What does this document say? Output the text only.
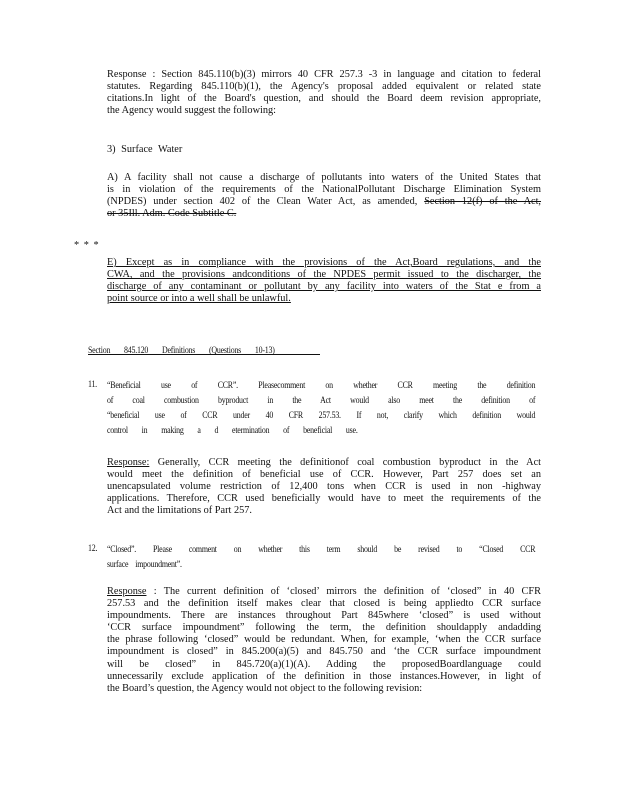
Response : Section 845.110(b)(3) mirrors 40 CFR 257.3 -3 in language and citation to federal
statutes. Regarding 845.110(b)(1), the Agency's proposal added equivalent or related state
citations.In light of the Board's question, and should the Board deem revision appropriate,
the Agency would suggest the following:
3) Surface Water
A) A facility shall not cause a discharge of pollutants into waters of the United States that
is in violation of the requirements of the NationalPollutant Discharge Elimination System
(NPDES) under section 402 of the Clean Water Act, as amended, Section 12(f) of the Act,
or 35Ill. Adm. Code Subtitle C.
* * *
E) Except as in compliance with the provisions of the Act,Board regulations, and the
CWA, and the provisions andconditions of the NPDES permit issued to the discharger, the
discharge of any contaminant or pollutant by any facility into waters of the Stat e from a
point source or into a well shall be unlawful.
Section 845.120 Definitions (Questions 10-13)
11. “Beneficial use of CCR”. Pleasecomment on whether CCR meeting the definition
of coal combustion byproduct in the Act would also meet the definition of
“beneficial use of CCR under 40 CFR 257.53. If not, clarify which definition would
control in making a d etermination of beneficial use.
Response: Generally, CCR meeting the definitionof coal combustion byproduct in the Act
would meet the definition of beneficial use of CCR. However, Part 257 does set an
unencapsulated volume restriction of 12,400 tons when CCR is used in non -highway
applications. Therefore, CCR used beneficially would have to meet the requirements of the
Act and the limitations of Part 257.
12. “Closed”. Please comment on whether this term should be revised to “Closed CCR
surface impoundment”.
Response : The current definition of ‘closed’ mirrors the definition of ‘closed” in 40 CFR
257.53 and the definition itself makes clear that closed is being appliedto CCR surface
impoundments. There are instances throughout Part 845where ‘closed” is used without
‘CCR surface impoundment” following the term, the definition shouldapply andadding
the phrase following ‘closed” would be redundant. When, for example, ‘when the CCR surface
impoundment is closed” in 845.200(a)(5) and 845.750 and ‘the CCR surface impoundment
will be closed” in 845.720(a)(1)(A). Adding the proposedBoardlanguage could
unnecessarily exclude application of the definition in those instances.However, in light of
the Board’s question, the Agency would not object to the following revision:
